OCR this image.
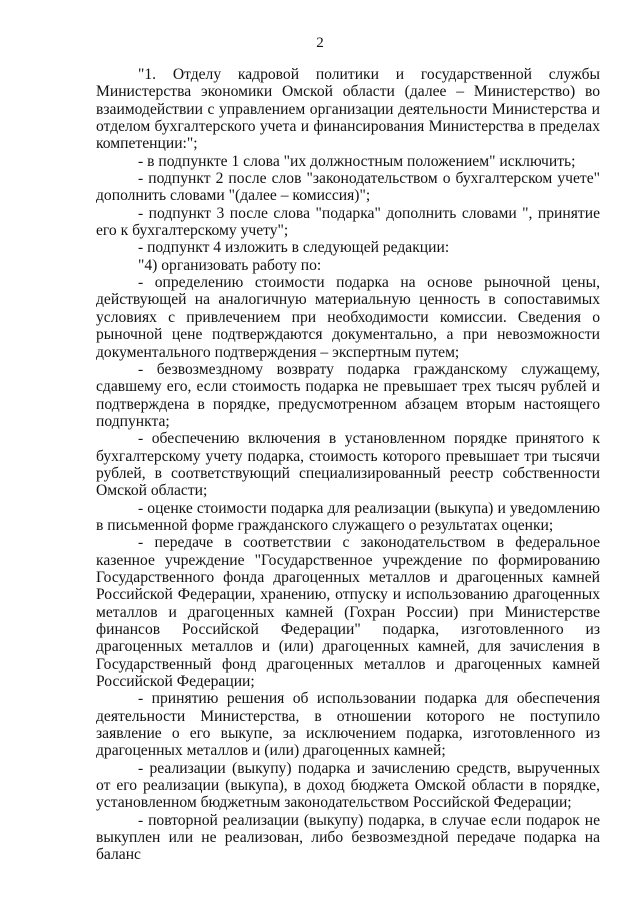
2

"1. Отделу кадровой политики и государственной службы Министерства экономики Омской области (далее – Министерство) во взаимодействии с управлением организации деятельности Министерства и отделом бухгалтерского учета и финансирования Министерства в пределах компетенции:";

- в подпункте 1 слова "их должностным положением" исключить;

- подпункт 2 после слов "законодательством о бухгалтерском учете" дополнить словами "(далее – комиссия)";

- подпункт 3 после слова "подарка" дополнить словами ", принятие его к бухгалтерскому учету";

- подпункт 4 изложить в следующей редакции:

"4) организовать работу по:

- определению стоимости подарка на основе рыночной цены, действующей на аналогичную материальную ценность в сопоставимых условиях с привлечением при необходимости комиссии. Сведения о рыночной цене подтверждаются документально, а при невозможности документального подтверждения – экспертным путем;

- безвозмездному возврату подарка гражданскому служащему, сдавшему его, если стоимость подарка не превышает трех тысяч рублей и подтверждена в порядке, предусмотренном абзацем вторым настоящего подпункта;

- обеспечению включения в установленном порядке принятого к бухгалтерскому учету подарка, стоимость которого превышает три тысячи рублей, в соответствующий специализированный реестр собственности Омской области;

- оценке стоимости подарка для реализации (выкупа) и уведомлению в письменной форме гражданского служащего о результатах оценки;

- передаче в соответствии с законодательством в федеральное казенное учреждение "Государственное учреждение по формированию Государственного фонда драгоценных металлов и драгоценных камней Российской Федерации, хранению, отпуску и использованию драгоценных металлов и драгоценных камней (Гохран России) при Министерстве финансов Российской Федерации" подарка, изготовленного из драгоценных металлов и (или) драгоценных камней, для зачисления в Государственный фонд драгоценных металлов и драгоценных камней Российской Федерации;

- принятию решения об использовании подарка для обеспечения деятельности Министерства, в отношении которого не поступило заявление о его выкупе, за исключением подарка, изготовленного из драгоценных металлов и (или) драгоценных камней;

- реализации (выкупу) подарка и зачислению средств, вырученных от его реализации (выкупа), в доход бюджета Омской области в порядке, установленном бюджетным законодательством Российской Федерации;

- повторной реализации (выкупу) подарка, в случае если подарок не выкуплен или не реализован, либо безвозмездной передаче подарка на баланс
